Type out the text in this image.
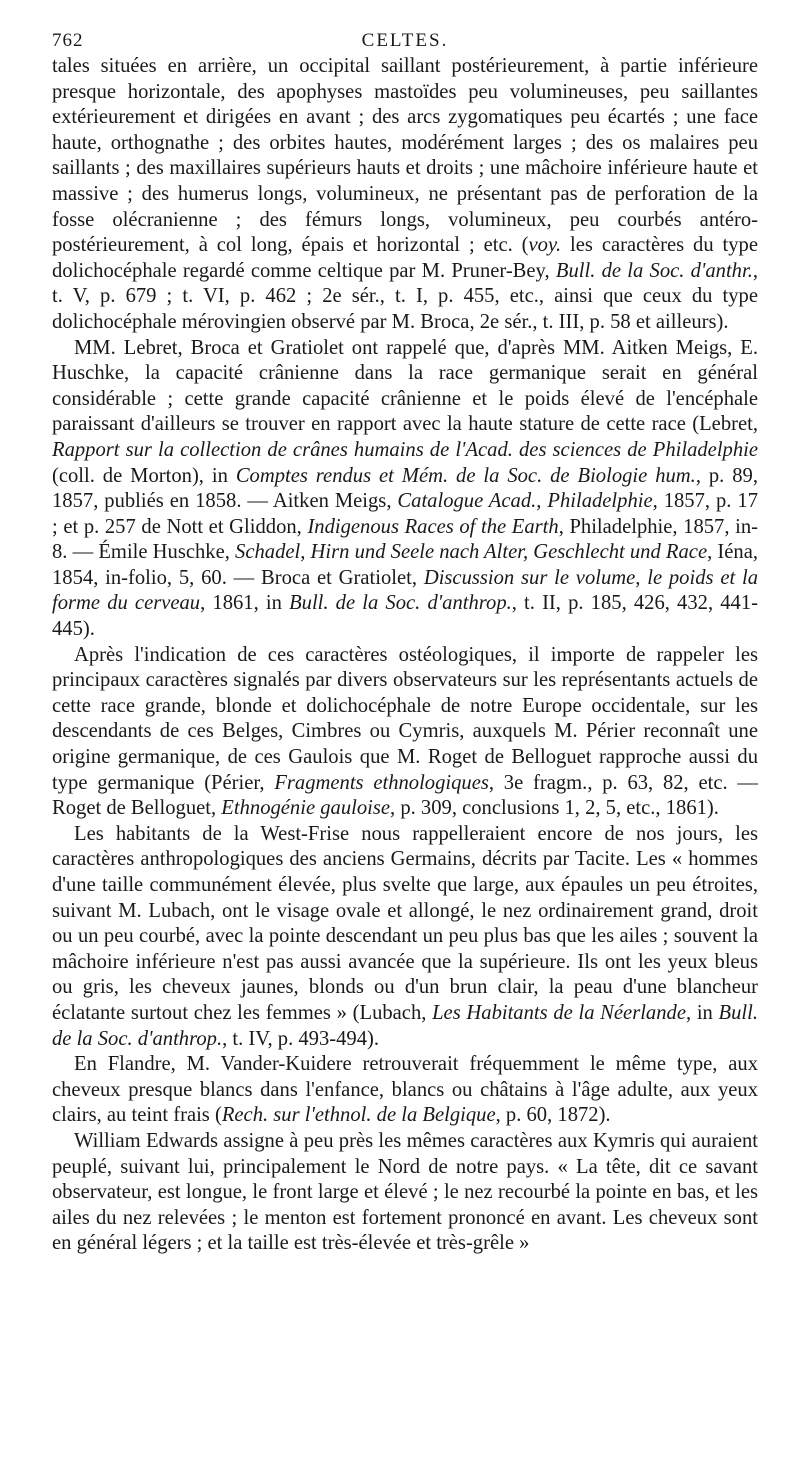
762	CELTES.

tales situées en arrière, un occipital saillant postérieurement, à partie inférieure presque horizontale, des apophyses mastoïdes peu volumineuses, peu saillantes extérieurement et dirigées en avant ; des arcs zygomatiques peu écartés ; une face haute, orthognathe ; des orbites hautes, modérément larges ; des os malaires peu saillants ; des maxillaires supérieurs hauts et droits ; une mâchoire inférieure haute et massive ; des humerus longs, volumineux, ne présentant pas de perforation de la fosse olécranienne ; des fémurs longs, volumineux, peu courbés antéro-postérieurement, à col long, épais et horizontal ; etc. (voy. les caractères du type dolichocéphale regardé comme celtique par M. Pruner-Bey, Bull. de la Soc. d'anthr., t. V, p. 679 ; t. VI, p. 462 ; 2e sér., t. I, p. 455, etc., ainsi que ceux du type dolichocéphale mérovingien observé par M. Broca, 2e sér., t. III, p. 58 et ailleurs).

MM. Lebret, Broca et Gratiolet ont rappelé que, d'après MM. Aitken Meigs, E. Huschke, la capacité crânienne dans la race germanique serait en général considérable ; cette grande capacité crânienne et le poids élevé de l'encéphale paraissant d'ailleurs se trouver en rapport avec la haute stature de cette race (Lebret, Rapport sur la collection de crânes humains de l'Acad. des sciences de Philadelphie (coll. de Morton), in Comptes rendus et Mém. de la Soc. de Biologie hum., p. 89, 1857, publiés en 1858. — Aitken Meigs, Catalogue Acad., Philadelphie, 1857, p. 17 ; et p. 257 de Nott et Gliddon, Indigenous Races of the Earth, Philadelphie, 1857, in-8. — Émile Huschke, Schadel, Hirn und Seele nach Alter, Geschlecht und Race, Iéna, 1854, in-folio, 5, 60. — Broca et Gratiolet, Discussion sur le volume, le poids et la forme du cerveau, 1861, in Bull. de la Soc. d'anthrop., t. II, p. 185, 426, 432, 441-445).

Après l'indication de ces caractères ostéologiques, il importe de rappeler les principaux caractères signalés par divers observateurs sur les représentants actuels de cette race grande, blonde et dolichocéphale de notre Europe occidentale, sur les descendants de ces Belges, Cimbres ou Cymris, auxquels M. Périer reconnaît une origine germanique, de ces Gaulois que M. Roget de Belloguet rapproche aussi du type germanique (Périer, Fragments ethnologiques, 3e fragm., p. 63, 82, etc. — Roget de Belloguet, Ethnogénie gauloise, p. 309, conclusions 1, 2, 5, etc., 1861).

Les habitants de la West-Frise nous rappelleraient encore de nos jours, les caractères anthropologiques des anciens Germains, décrits par Tacite. Les « hommes d'une taille communément élevée, plus svelte que large, aux épaules un peu étroites, suivant M. Lubach, ont le visage ovale et allongé, le nez ordinairement grand, droit ou un peu courbé, avec la pointe descendant un peu plus bas que les ailes ; souvent la mâchoire inférieure n'est pas aussi avancée que la supérieure. Ils ont les yeux bleus ou gris, les cheveux jaunes, blonds ou d'un brun clair, la peau d'une blancheur éclatante surtout chez les femmes » (Lubach, Les Habitants de la Néerlande, in Bull. de la Soc. d'anthrop., t. IV, p. 493-494).

En Flandre, M. Vander-Kuidere retrouverait fréquemment le même type, aux cheveux presque blancs dans l'enfance, blancs ou châtains à l'âge adulte, aux yeux clairs, au teint frais (Rech. sur l'ethnol. de la Belgique, p. 60, 1872).

William Edwards assigne à peu près les mêmes caractères aux Kymris qui auraient peuplé, suivant lui, principalement le Nord de notre pays. « La tête, dit ce savant observateur, est longue, le front large et élevé ; le nez recourbé la pointe en bas, et les ailes du nez relevées ; le menton est fortement prononcé en avant. Les cheveux sont en général légers ; et la taille est très-élevée et très-grêle »
